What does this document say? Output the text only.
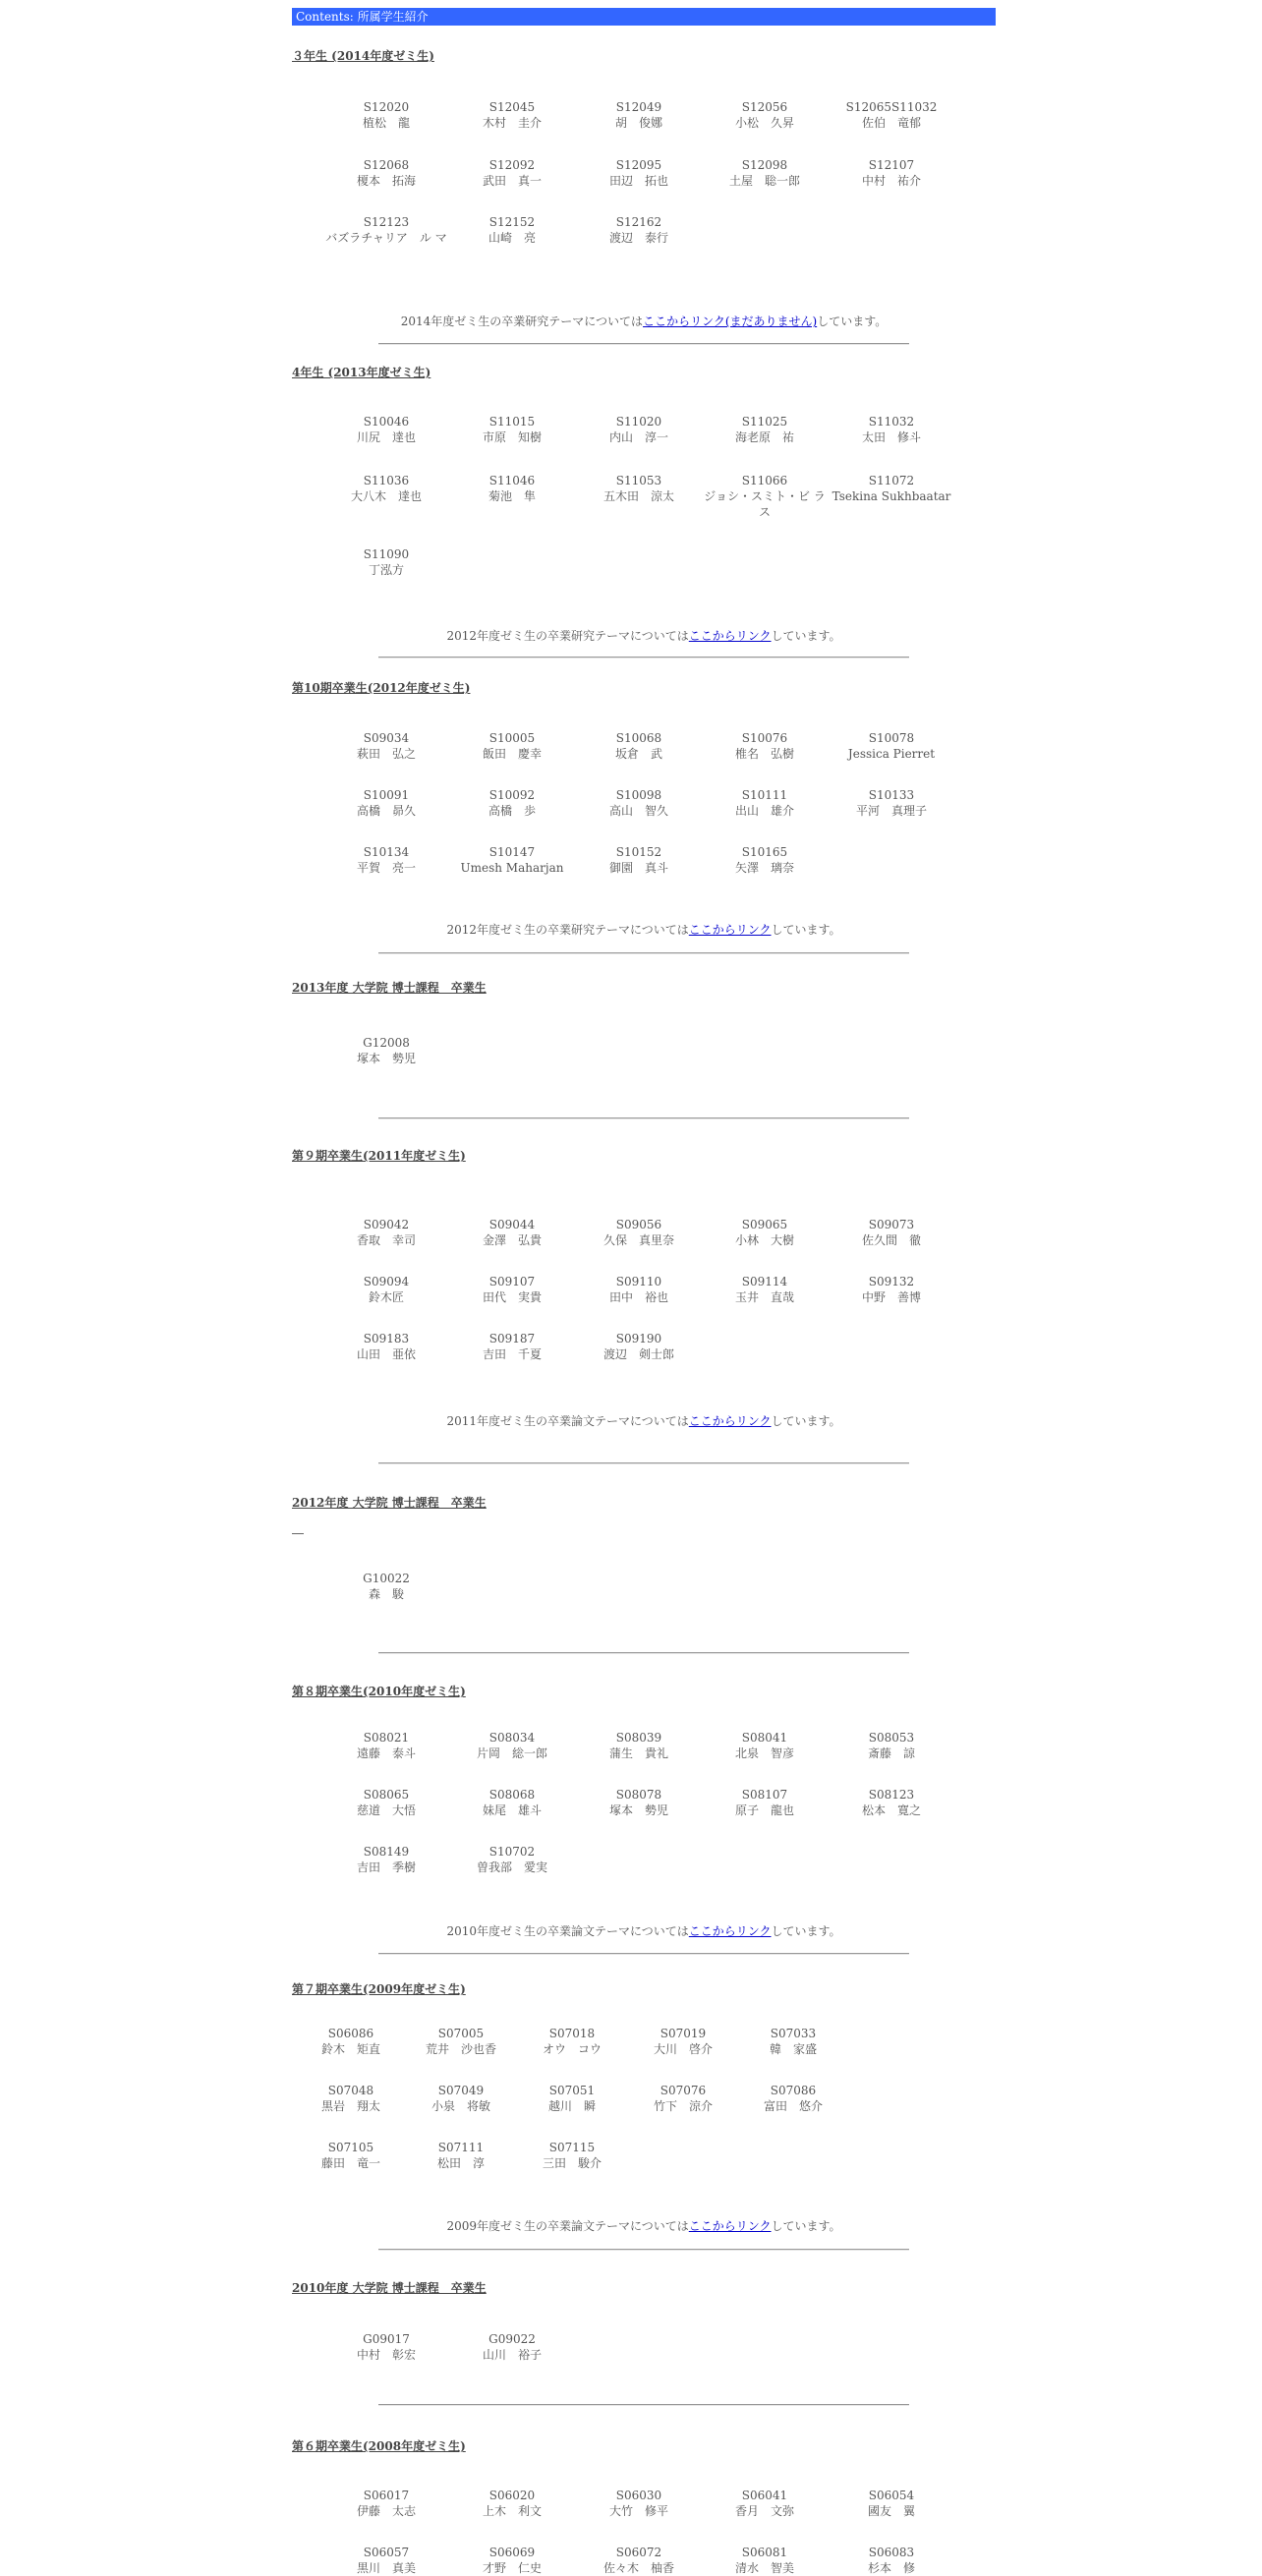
Contents: 所属学生紹介
３年生 (2014年度ゼミ生)
S12020
植松　龍
S12045
木村　圭介
S12049
胡　俊娜
S12056
小松　久昇
S12065S11032
佐伯　竜郁
S12068
榎本　拓海
S12092
武田　真一
S12095
田辺　拓也
S12098
土屋　聡一郎
S12107
中村　祐介
S12123
バズラチャリア　ル マ
S12152
山崎　亮
S12162
渡辺　泰行
2014年度ゼミ生の卒業研究テーマについてはここからリンク(まだありません)しています。
4年生 (2013年度ゼミ生)
S10046
川尻　達也
S11015
市原　知樹
S11020
内山　淳一
S11025
海老原　祐
S11032
太田　修斗
S11036
大八木　達也
S11046
菊池　隼
S11053
五木田　涼太
S11066
ジョシ・スミト・ビ ラス
S11072
Tsekina Sukhbaatar
S11090
丁泓方
2012年度ゼミ生の卒業研究テーマについてはここからリンクしています。
第10期卒業生(2012年度ゼミ生)
S09034
萩田　弘之
S10005
飯田　慶幸
S10068
坂倉　武
S10076
椎名　弘樹
S10078
Jessica Pierret
S10091
高橋　昴久
S10092
高橋　歩
S10098
高山　智久
S10111
出山　雄介
S10133
平河　真理子
S10134
平賀　亮一
S10147
Umesh Maharjan
S10152
御園　真斗
S10165
矢澤　璃奈
2012年度ゼミ生の卒業研究テーマについてはここからリンクしています。
2013年度 大学院 博士課程　卒業生
G12008
塚本　勢児
第９期卒業生(2011年度ゼミ生)
S09042
香取　幸司
S09044
金澤　弘貴
S09056
久保　真里奈
S09065
小林　大樹
S09073
佐久間　徹
S09094
鈴木匠
S09107
田代　実貴
S09110
田中　裕也
S09114
玉井　直哉
S09132
中野　善博
S09183
山田　亜依
S09187
吉田　千夏
S09190
渡辺　剣士郎
2011年度ゼミ生の卒業論文テーマについてはここからリンクしています。
2012年度 大学院 博士課程　卒業生
G10022
森　駿
第８期卒業生(2010年度ゼミ生)
S08021
遠藤　泰斗
S08034
片岡　総一郎
S08039
蒲生　貴礼
S08041
北泉　智彦
S08053
斎藤　諒
S08065
慈道　大悟
S08068
妹尾　雄斗
S08078
塚本　勢児
S08107
原子　龍也
S08123
松本　寛之
S08149
吉田　季樹
S10702
曽我部　愛実
2010年度ゼミ生の卒業論文テーマについてはここからリンクしています。
第７期卒業生(2009年度ゼミ生)
S06086
鈴木　矩直
S07005
荒井　沙也香
S07018
オウ　コウ
S07019
大川　啓介
S07033
韓　家盛
S07048
黒岩　翔太
S07049
小泉　将敏
S07051
越川　瞬
S07076
竹下　涼介
S07086
富田　悠介
S07105
藤田　竜一
S07111
松田　淳
S07115
三田　駿介
2009年度ゼミ生の卒業論文テーマについてはここからリンクしています。
2010年度 大学院 博士課程　卒業生
G09017
中村　彰宏
G09022
山川　裕子
第６期卒業生(2008年度ゼミ生)
S06017
伊藤　太志
S06020
上木　利文
S06030
大竹　修平
S06041
香月　文弥
S06054
國友　翼
S06057
黒川　真美
S06069
才野　仁史
S06072
佐々木　柚香
S06081
清水　智美
S06083
杉本　修
